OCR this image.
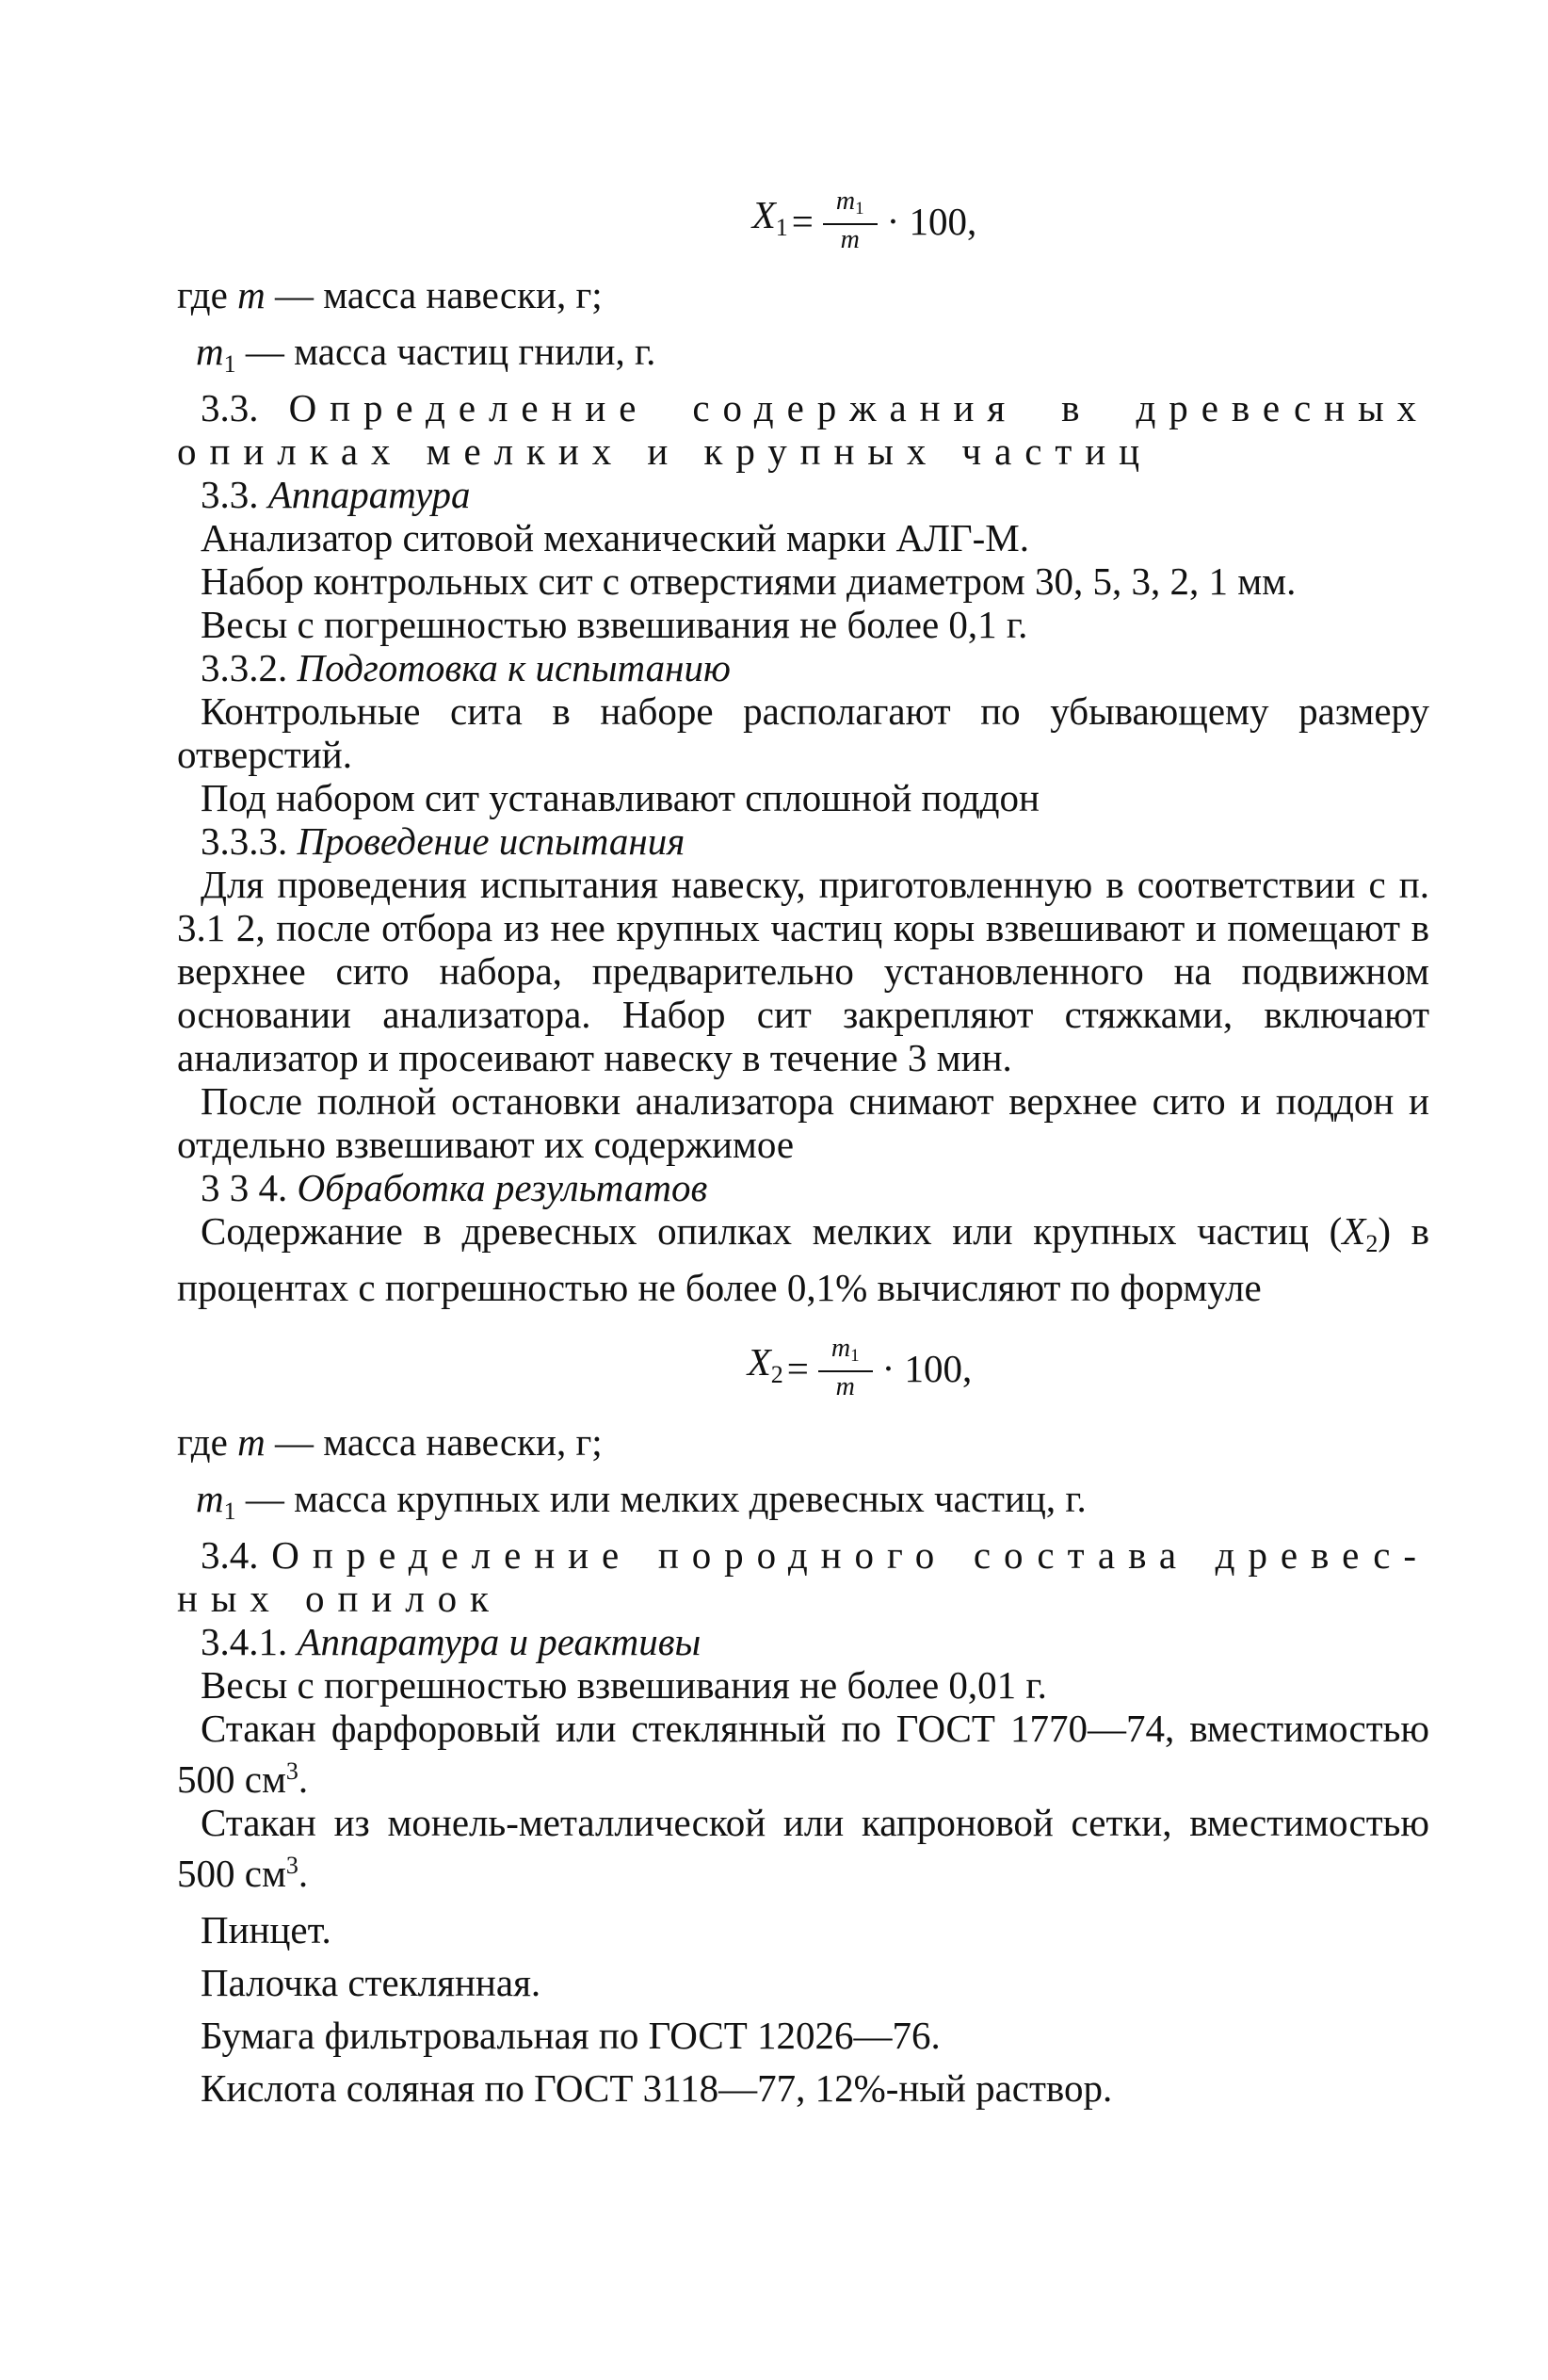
$X_1 = \frac{m_1}{m} \cdot 100$,

где m — масса навески, г;

$m_1$ — масса частиц гнили, г.

3.3. Определение содержания в древесных

опилках мелких и крупных частиц

3.3. Аппаратура

Анализатор ситовой механический марки АЛГ-М.

Набор контрольных сит с отверстиями диаметром 30, 5, 3, 2, 1 мм.

Весы с погрешностью взвешивания не более 0,1 г.

3.3.2. Подготовка к испытанию

Контрольные сита в наборе располагают по убывающему размеру отверстий.

Под набором сит устанавливают сплошной поддон

3.3.3. Проведение испытания

Для проведения испытания навеску, приготовленную в соответствии с п. 3.1 2, после отбора из нее крупных частиц коры взвешивают и помещают в верхнее сито набора, предварительно установленного на подвижном основании анализатора. Набор сит закрепляют стяжками, включают анализатор и просеивают навеску в течение 3 мин.

После полной остановки анализатора снимают верхнее сито и поддон и отдельно взвешивают их содержимое

3 3 4. Обработка результатов

Содержание в древесных опилках мелких или крупных частиц $(X_2)$ в процентах с погрешностью не более 0,1% вычисляют по формуле

$X_2 = \frac{m_1}{m} \cdot 100$,

где m — масса навески, г;

$m_1$ — масса крупных или мелких древесных частиц, г.

3.4. Определение породного состава древес-

ных опилок

3.4.1. Аппаратура и реактивы

Весы с погрешностью взвешивания не более 0,01 г.

Стакан фарфоровый или стеклянный по ГОСТ 1770—74, вместимостью 500 $см^3$.

Стакан из монель-металлической или капроновой сетки, вместимостью 500 $см^3$.

Пинцет.

Палочка стеклянная.

Бумага фильтровальная по ГОСТ 12026—76.

Кислота соляная по ГОСТ 3118—77, 12%-ный раствор.
